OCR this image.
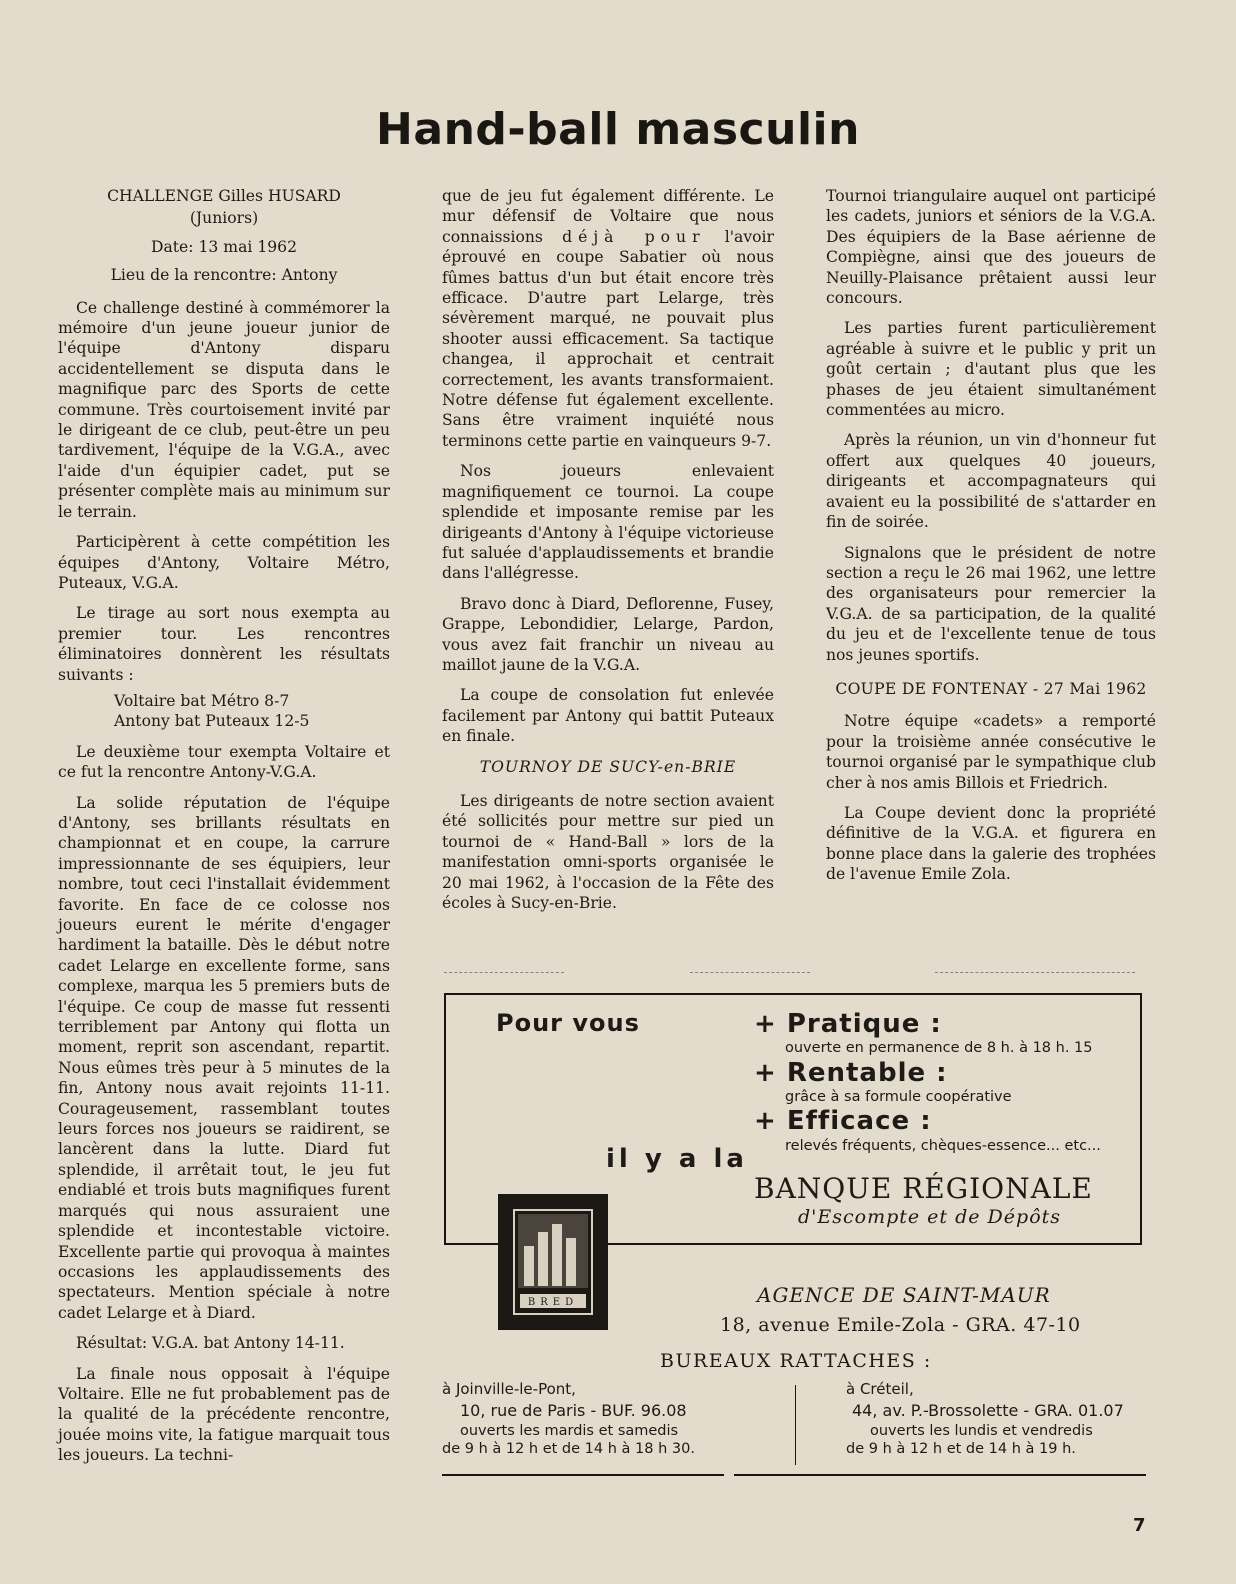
Hand-ball masculin
CHALLENGE Gilles HUSARD
(Juniors)
Date: 13 mai 1962
Lieu de la rencontre: Antony

Ce challenge destiné à commémorer la mémoire d'un jeune joueur junior de l'équipe d'Antony disparu accidentellement se disputa dans le magnifique parc des Sports de cette commune. Très courtoisement invité par le dirigeant de ce club, peut-être un peu tardivement, l'équipe de la V.G.A., avec l'aide d'un équipier cadet, put se présenter complète mais au minimum sur le terrain.

Participèrent à cette compétition les équipes d'Antony, Voltaire Métro, Puteaux, V.G.A.

Le tirage au sort nous exempta au premier tour. Les rencontres éliminatoires donnèrent les résultats suivants :

Voltaire bat Métro 8-7

Antony bat Puteaux 12-5

Le deuxième tour exempta Voltaire et ce fut la rencontre Antony-V.G.A.

La solide réputation de l'équipe d'Antony, ses brillants résultats en championnat et en coupe, la carrure impressionnante de ses équipiers, leur nombre, tout ceci l'installait évidemment favorite. En face de ce colosse nos joueurs eurent le mérite d'engager hardiment la bataille. Dès le début notre cadet Lelarge en excellente forme, sans complexe, marqua les 5 premiers buts de l'équipe. Ce coup de masse fut ressenti terriblement par Antony qui flotta un moment, reprit son ascendant, repartit. Nous eûmes très peur à 5 minutes de la fin, Antony nous avait rejoints 11-11. Courageusement, rassemblant toutes leurs forces nos joueurs se raidirent, se lancèrent dans la lutte. Diard fut splendide, il arrêtait tout, le jeu fut endiablé et trois buts magnifiques furent marqués qui nous assuraient une splendide et incontestable victoire. Excellente partie qui provoqua à maintes occasions les applaudissements des spectateurs. Mention spéciale à notre cadet Lelarge et à Diard.

Résultat: V.G.A. bat Antony 14-11.

La finale nous opposait à l'équipe Voltaire. Elle ne fut probablement pas de la qualité de la précédente rencontre, jouée moins vite, la fatigue marquait tous les joueurs. La techni-

que de jeu fut également différente. Le mur défensif de Voltaire que nous connaissions déjà pour l'avoir éprouvé en coupe Sabatier où nous fûmes battus d'un but était encore très efficace. D'autre part Lelarge, très sévèrement marqué, ne pouvait plus shooter aussi efficacement. Sa tactique changea, il approchait et centrait correctement, les avants transformaient. Notre défense fut également excellente. Sans être vraiment inquiété nous terminons cette partie en vainqueurs 9-7.

Nos joueurs enlevaient magnifiquement ce tournoi. La coupe splendide et imposante remise par les dirigeants d'Antony à l'équipe victorieuse fut saluée d'applaudissements et brandie dans l'allégresse.

Bravo donc à Diard, Deflorenne, Fusey, Grappe, Lebondidier, Lelarge, Pardon, vous avez fait franchir un niveau au maillot jaune de la V.G.A.

La coupe de consolation fut enlevée facilement par Antony qui battit Puteaux en finale.

TOURNOY DE SUCY-en-BRIE

Les dirigeants de notre section avaient été sollicités pour mettre sur pied un tournoi de « Hand-Ball » lors de la manifestation omni-sports organisée le 20 mai 1962, à l'occasion de la Fête des écoles à Sucy-en-Brie.

Tournoi triangulaire auquel ont participé les cadets, juniors et séniors de la V.G.A. Des équipiers de la Base aérienne de Compiègne, ainsi que des joueurs de Neuilly-Plaisance prêtaient aussi leur concours.

Les parties furent particulièrement agréable à suivre et le public y prit un goût certain ; d'autant plus que les phases de jeu étaient simultanément commentées au micro.

Après la réunion, un vin d'honneur fut offert aux quelques 40 joueurs, dirigeants et accompagnateurs qui avaient eu la possibilité de s'attarder en fin de soirée.

Signalons que le président de notre section a reçu le 26 mai 1962, une lettre des organisateurs pour remercier la V.G.A. de sa participation, de la qualité du jeu et de l'excellente tenue de tous nos jeunes sportifs.

COUPE DE FONTENAY - 27 Mai 1962

Notre équipe «cadets» a remporté pour la troisième année consécutive le tournoi organisé par le sympathique club cher à nos amis Billois et Friedrich.

La Coupe devient donc la propriété définitive de la V.G.A. et figurera en bonne place dans la galerie des trophées de l'avenue Emile Zola.

Pour vous	+ Pratique :
ouverte en permanence de 8 h. à 18 h. 15
+ Rentable :
grâce à sa formule coopérative
+ Efficace :
relevés fréquents, chèques-essence... etc...
il y a la
BANQUE RÉGIONALE
d'Escompte et de Dépôts
BRED	AGENCE DE SAINT-MAUR
18, avenue Emile-Zola - GRA. 47-10
BUREAUX RATTACHES :
à Joinville-le-Pont,
10, rue de Paris - BUF. 96.08
ouverts les mardis et samedis
de 9 h à 12 h et de 14 h à 18 h 30.
à Créteil,
44, av. P.-Brossolette - GRA. 01.07
ouverts les lundis et vendredis
de 9 h à 12 h et de 14 h à 19 h.
7
